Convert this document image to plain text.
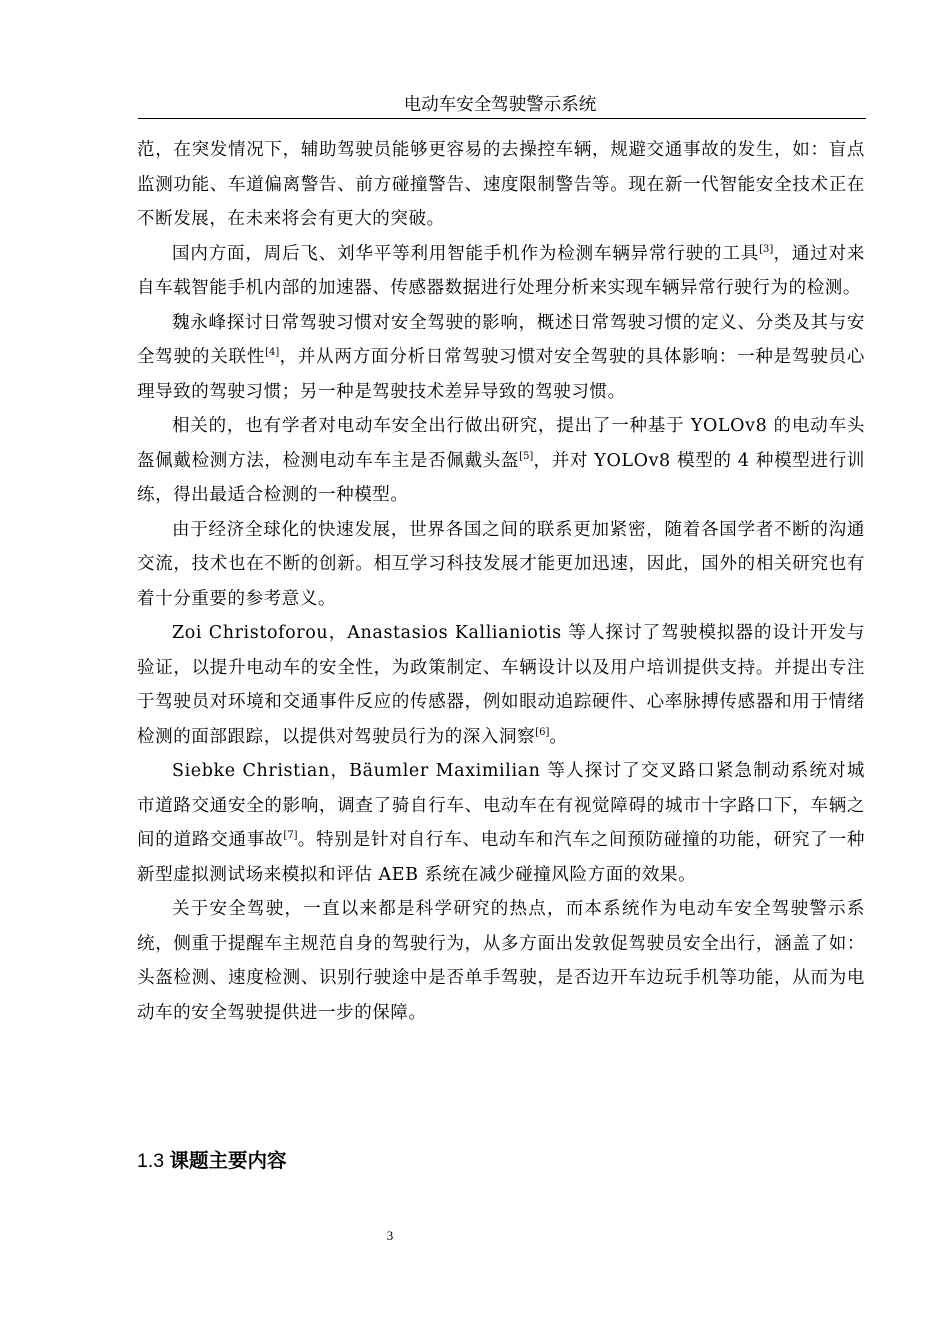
电动车安全驾驶警示系统

范，在突发情况下，辅助驾驶员能够更容易的去操控车辆，规避交通事故的发生，如：盲点监测功能、车道偏离警告、前方碰撞警告、速度限制警告等。现在新一代智能安全技术正在不断发展，在未来将会有更大的突破。

国内方面，周后飞、刘华平等利用智能手机作为检测车辆异常行驶的工具[3]，通过对来自车载智能手机内部的加速器、传感器数据进行处理分析来实现车辆异常行驶行为的检测。

魏永峰探讨日常驾驶习惯对安全驾驶的影响，概述日常驾驶习惯的定义、分类及其与安全驾驶的关联性[4]，并从两方面分析日常驾驶习惯对安全驾驶的具体影响：一种是驾驶员心理导致的驾驶习惯；另一种是驾驶技术差异导致的驾驶习惯。

相关的，也有学者对电动车安全出行做出研究，提出了一种基于 YOLOv8 的电动车头盔佩戴检测方法，检测电动车车主是否佩戴头盔[5]，并对 YOLOv8 模型的 4 种模型进行训练，得出最适合检测的一种模型。

由于经济全球化的快速发展，世界各国之间的联系更加紧密，随着各国学者不断的沟通交流，技术也在不断的创新。相互学习科技发展才能更加迅速，因此，国外的相关研究也有着十分重要的参考意义。

Zoi Christoforou，Anastasios Kallianiotis 等人探讨了驾驶模拟器的设计开发与验证，以提升电动车的安全性，为政策制定、车辆设计以及用户培训提供支持。并提出专注于驾驶员对环境和交通事件反应的传感器，例如眼动追踪硬件、心率脉搏传感器和用于情绪检测的面部跟踪，以提供对驾驶员行为的深入洞察[6]。

Siebke Christian，Bäumler Maximilian 等人探讨了交叉路口紧急制动系统对城市道路交通安全的影响，调查了骑自行车、电动车在有视觉障碍的城市十字路口下，车辆之间的道路交通事故[7]。特别是针对自行车、电动车和汽车之间预防碰撞的功能，研究了一种新型虚拟测试场来模拟和评估 AEB 系统在减少碰撞风险方面的效果。

关于安全驾驶，一直以来都是科学研究的热点，而本系统作为电动车安全驾驶警示系统，侧重于提醒车主规范自身的驾驶行为，从多方面出发敦促驾驶员安全出行，涵盖了如：头盔检测、速度检测、识别行驶途中是否单手驾驶，是否边开车边玩手机等功能，从而为电动车的安全驾驶提供进一步的保障。

1.3 课题主要内容
3
